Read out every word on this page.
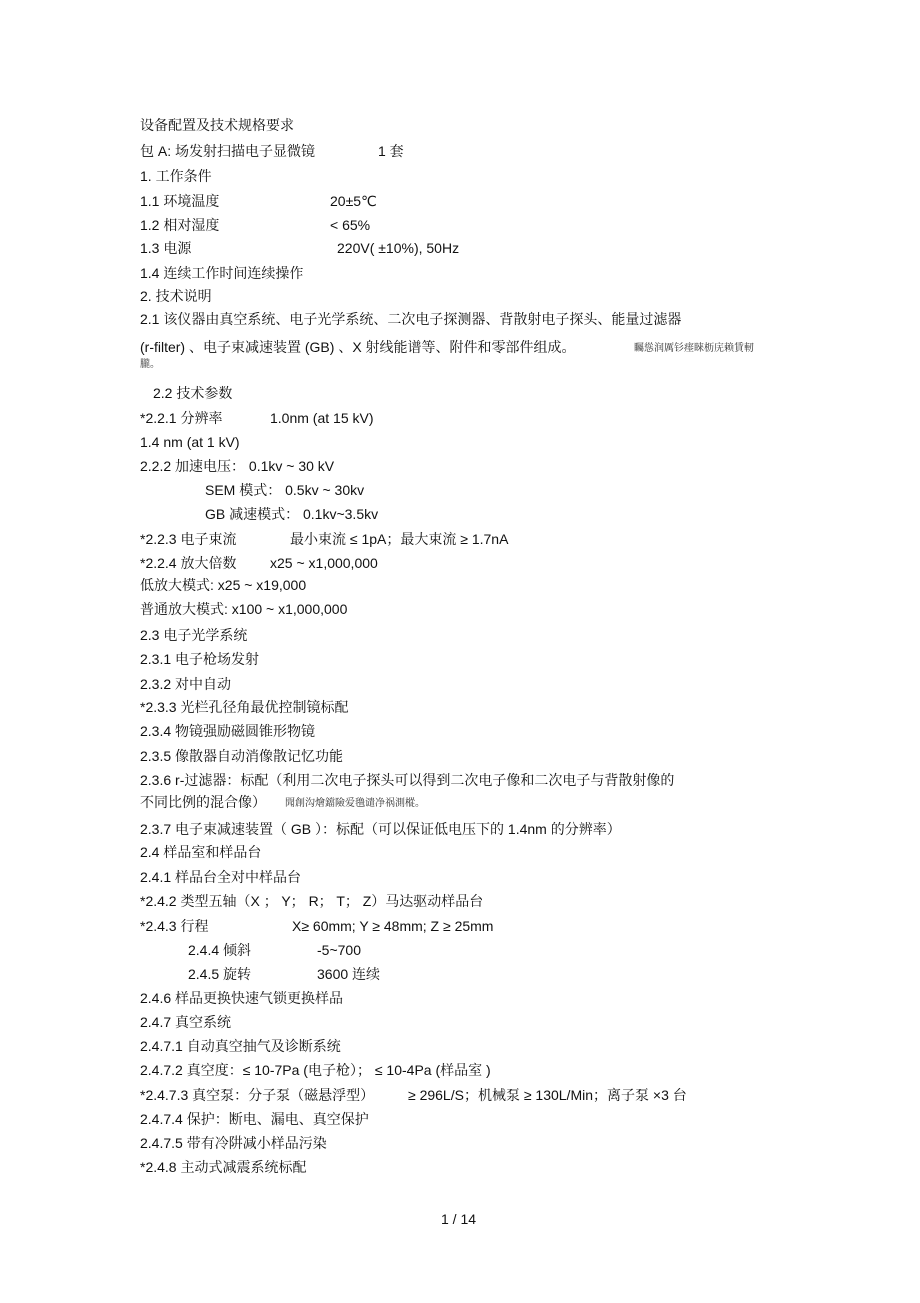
设备配置及技术规格要求
包 A: 场发射扫描电子显微镜	1 套
1. 工作条件
1.1 环境温度	20±5℃
1.2 相对湿度	< 65%
1.3 电源	220V( ±10%), 50Hz
1.4 连续工作时间连续操作
2. 技术说明
2.1 该仪器由真空系统、电子光学系统、二次电子探测器、背散射电子探头、能量过滤器
(r-filter) 、电子束减速装置 (GB) 、X 射线能谱等、附件和零部件组成。	矚慫润厲钐瘗睞枥庑赖賃軔
朧。
2.2 技术参数
*2.2.1 分辨率	1.0nm (at 15 kV)
1.4 nm (at 1 kV)
2.2.2 加速电压： 0.1kv ~ 30 kV
SEM 模式： 0.5kv ~ 30kv
GB 减速模式： 0.1kv~3.5kv
*2.2.3 电子束流	最小束流 ≤ 1pA；最大束流 ≥ 1.7nA
*2.2.4 放大倍数 x25 ~ x1,000,000
低放大模式: x25 ~ x19,000
普通放大模式: x100 ~ x1,000,000
2.3 电子光学系统
2.3.1 电子枪场发射
2.3.2 对中自动
*2.3.3 光栏孔径角最优控制镜标配
2.3.4 物镜强励磁圆锥形物镜
2.3.5 像散器自动消像散记忆功能
2.3.6 r-过滤器：标配（利用二次电子探头可以得到二次电子像和二次电子与背散射像的
不同比例的混合像） 聞創沟燴鐺險爱氇谴净祸測樅。
2.3.7 电子束减速装置（ GB ）：标配（可以保证低电压下的 1.4nm 的分辨率）
2.4 样品室和样品台
2.4.1 样品台全对中样品台
*2.4.2 类型五轴（X ； Y； R； T； Z）马达驱动样品台
*2.4.3 行程	X≥ 60mm; Y ≥ 48mm; Z ≥ 25mm
2.4.4 倾斜	-5~700
2.4.5 旋转	3600 连续
2.4.6 样品更换快速气锁更换样品
2.4.7 真空系统
2.4.7.1 自动真空抽气及诊断系统
2.4.7.2 真空度：≤ 10-7Pa (电子枪）； ≤ 10-4Pa (样品室 )
*2.4.7.3 真空泵：分子泵（磁悬浮型） ≥ 296L/S；机械泵 ≥ 130L/Min；离子泵 ×3 台
2.4.7.4 保护：断电、漏电、真空保护
2.4.7.5 带有冷阱减小样品污染
*2.4.8 主动式减震系统标配
1 / 14
